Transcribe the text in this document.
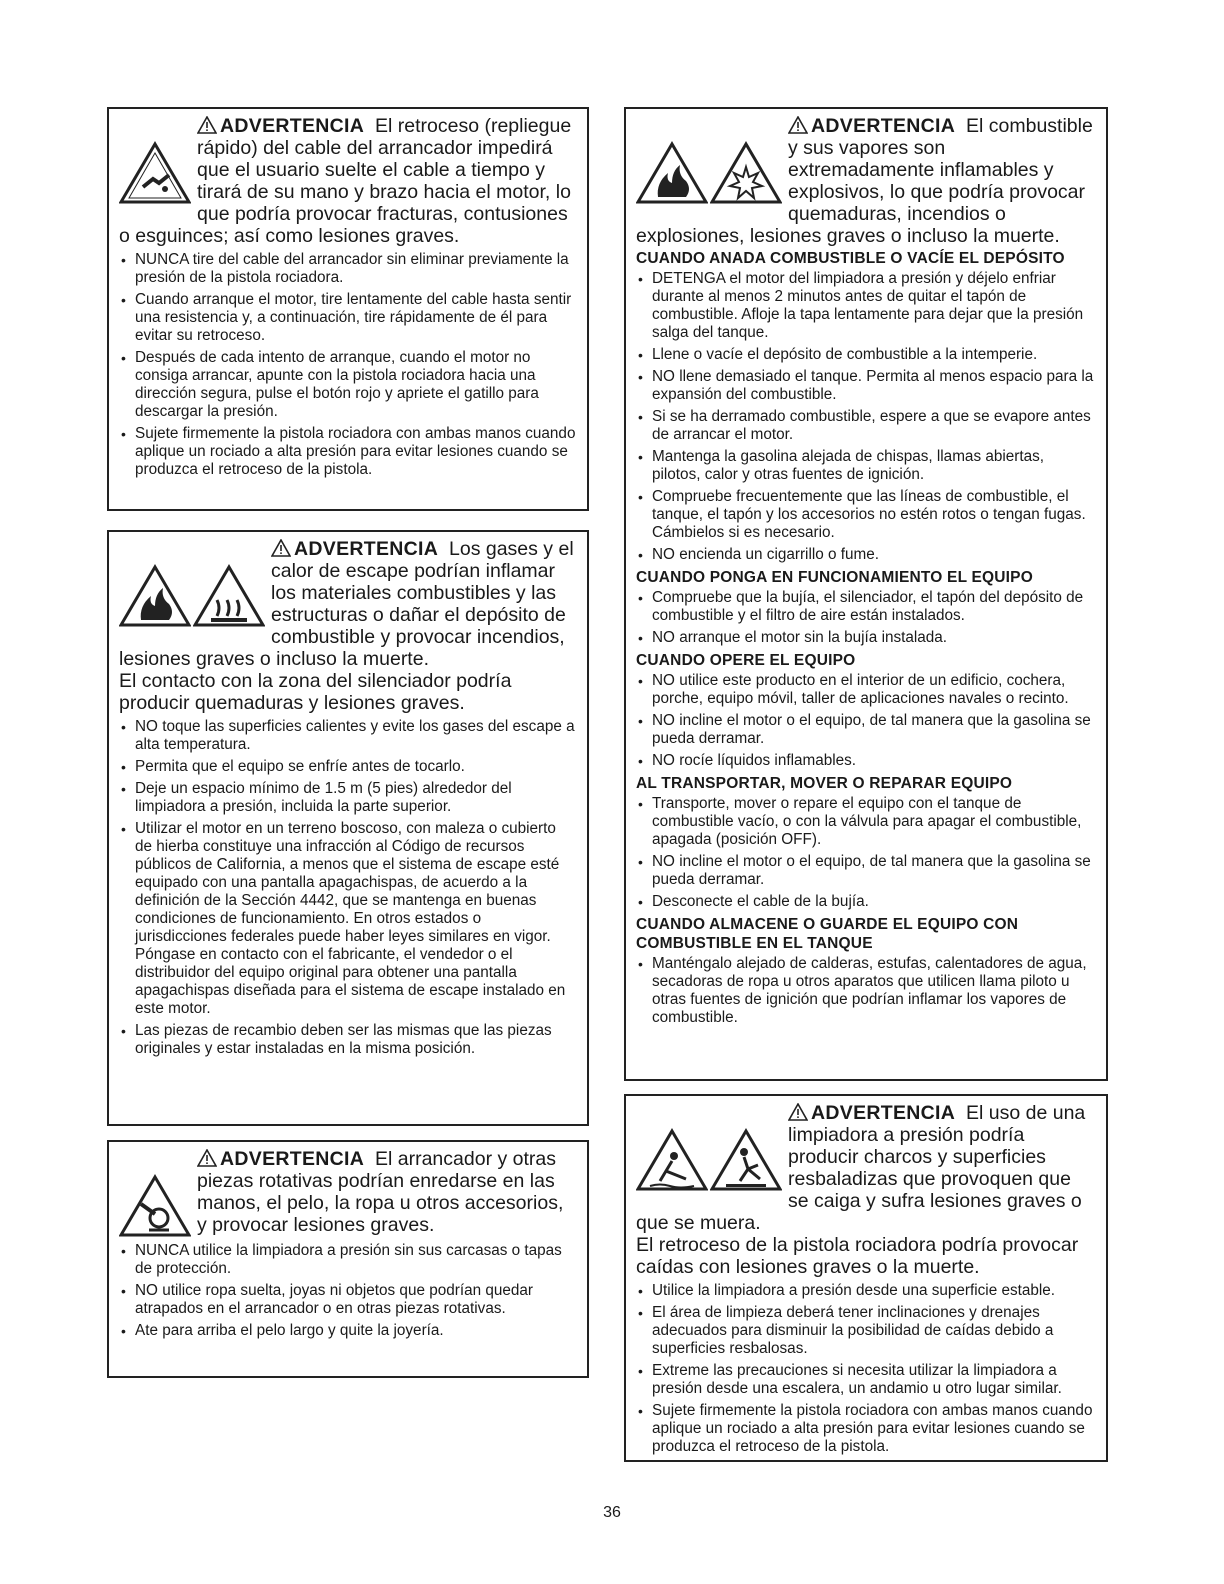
ADVERTENCIA El retroceso (repliegue rápido) del cable del arrancador impedirá que el usuario suelte el cable a tiempo y tirará de su mano y brazo hacia el motor, lo que podría provocar fracturas, contusiones o esguinces; así como lesiones graves.
• NUNCA tire del cable del arrancador sin eliminar previamente la presión de la pistola rociadora.
• Cuando arranque el motor, tire lentamente del cable hasta sentir una resistencia y, a continuación, tire rápidamente de él para evitar su retroceso.
• Después de cada intento de arranque, cuando el motor no consiga arrancar, apunte con la pistola rociadora hacia una dirección segura, pulse el botón rojo y apriete el gatillo para descargar la presión.
• Sujete firmemente la pistola rociadora con ambas manos cuando aplique un rociado a alta presión para evitar lesiones cuando se produzca el retroceso de la pistola.
ADVERTENCIA Los gases y el calor de escape podrían inflamar los materiales combustibles y las estructuras o dañar el depósito de combustible y provocar incendios, lesiones graves o incluso la muerte.

El contacto con la zona del silenciador podría producir quemaduras y lesiones graves.

• NO toque las superficies calientes y evite los gases del escape a alta temperatura.
• Permita que el equipo se enfríe antes de tocarlo.
• Deje un espacio mínimo de 1.5 m (5 pies) alrededor del limpiadora a presión, incluida la parte superior.
• Utilizar el motor en un terreno boscoso, con maleza o cubierto de hierba constituye una infracción al Código de recursos públicos de California, a menos que el sistema de escape esté equipado con una pantalla apagachispas, de acuerdo a la definición de la Sección 4442, que se mantenga en buenas condiciones de funcionamiento. En otros estados o jurisdicciones federales puede haber leyes similares en vigor. Póngase en contacto con el fabricante, el vendedor o el distribuidor del equipo original para obtener una pantalla apagachispas diseñada para el sistema de escape instalado en este motor.
• Las piezas de recambio deben ser las mismas que las piezas originales y estar instaladas en la misma posición.
ADVERTENCIA El arrancador y otras piezas rotativas podrían enredarse en las manos, el pelo, la ropa u otros accesorios, y provocar lesiones graves.
• NUNCA utilice la limpiadora a presión sin sus carcasas o tapas de protección.
• NO utilice ropa suelta, joyas ni objetos que podrían quedar atrapados en el arrancador o en otras piezas rotativas.
• Ate para arriba el pelo largo y quite la joyería.
ADVERTENCIA El combustible y sus vapores son extremadamente inflamables y explosivos, lo que podría provocar quemaduras, incendios o explosiones, lesiones graves o incluso la muerte.
CUANDO ANADA COMBUSTIBLE O VACÍE EL DEPÓSITO
• DETENGA el motor del limpiadora a presión y déjelo enfriar durante al menos 2 minutos antes de quitar el tapón de combustible. Afloje la tapa lentamente para dejar que la presión salga del tanque.
• Llene o vacíe el depósito de combustible a la intemperie.
• NO llene demasiado el tanque. Permita al menos espacio para la expansión del combustible.
• Si se ha derramado combustible, espere a que se evapore antes de arrancar el motor.
• Mantenga la gasolina alejada de chispas, llamas abiertas, pilotos, calor y otras fuentes de ignición.
• Compruebe frecuentemente que las líneas de combustible, el tanque, el tapón y los accesorios no estén rotos o tengan fugas. Cámbielos si es necesario.
• NO encienda un cigarrillo o fume.
CUANDO PONGA EN FUNCIONAMIENTO EL EQUIPO
• Compruebe que la bujía, el silenciador, el tapón del depósito de combustible y el filtro de aire están instalados.
• NO arranque el motor sin la bujía instalada.
CUANDO OPERE EL EQUIPO
• NO utilice este producto en el interior de un edificio, cochera, porche, equipo móvil, taller de aplicaciones navales o recinto.
• NO incline el motor o el equipo, de tal manera que la gasolina se pueda derramar.
• NO rocíe líquidos inflamables.
AL TRANSPORTAR, MOVER O REPARAR EQUIPO
• Transporte, mover o repare el equipo con el tanque de combustible vacío, o con la válvula para apagar el combustible, apagada (posición OFF).
• NO incline el motor o el equipo, de tal manera que la gasolina se pueda derramar.
• Desconecte el cable de la bujía.
CUANDO ALMACENE O GUARDE EL EQUIPO CON COMBUSTIBLE EN EL TANQUE
• Manténgalo alejado de calderas, estufas, calentadores de agua, secadoras de ropa u otros aparatos que utilicen llama piloto u otras fuentes de ignición que podrían inflamar los vapores de combustible.
ADVERTENCIA El uso de una limpiadora a presión podría producir charcos y superficies resbaladizas que provoquen que se caiga y sufra lesiones graves o que se muera.

El retroceso de la pistola rociadora podría provocar caídas con lesiones graves o la muerte.

• Utilice la limpiadora a presión desde una superficie estable.
• El área de limpieza deberá tener inclinaciones y drenajes adecuados para disminuir la posibilidad de caídas debido a superficies resbalosas.
• Extreme las precauciones si necesita utilizar la limpiadora a presión desde una escalera, un andamio u otro lugar similar.
• Sujete firmemente la pistola rociadora con ambas manos cuando aplique un rociado a alta presión para evitar lesiones cuando se produzca el retroceso de la pistola.
36
